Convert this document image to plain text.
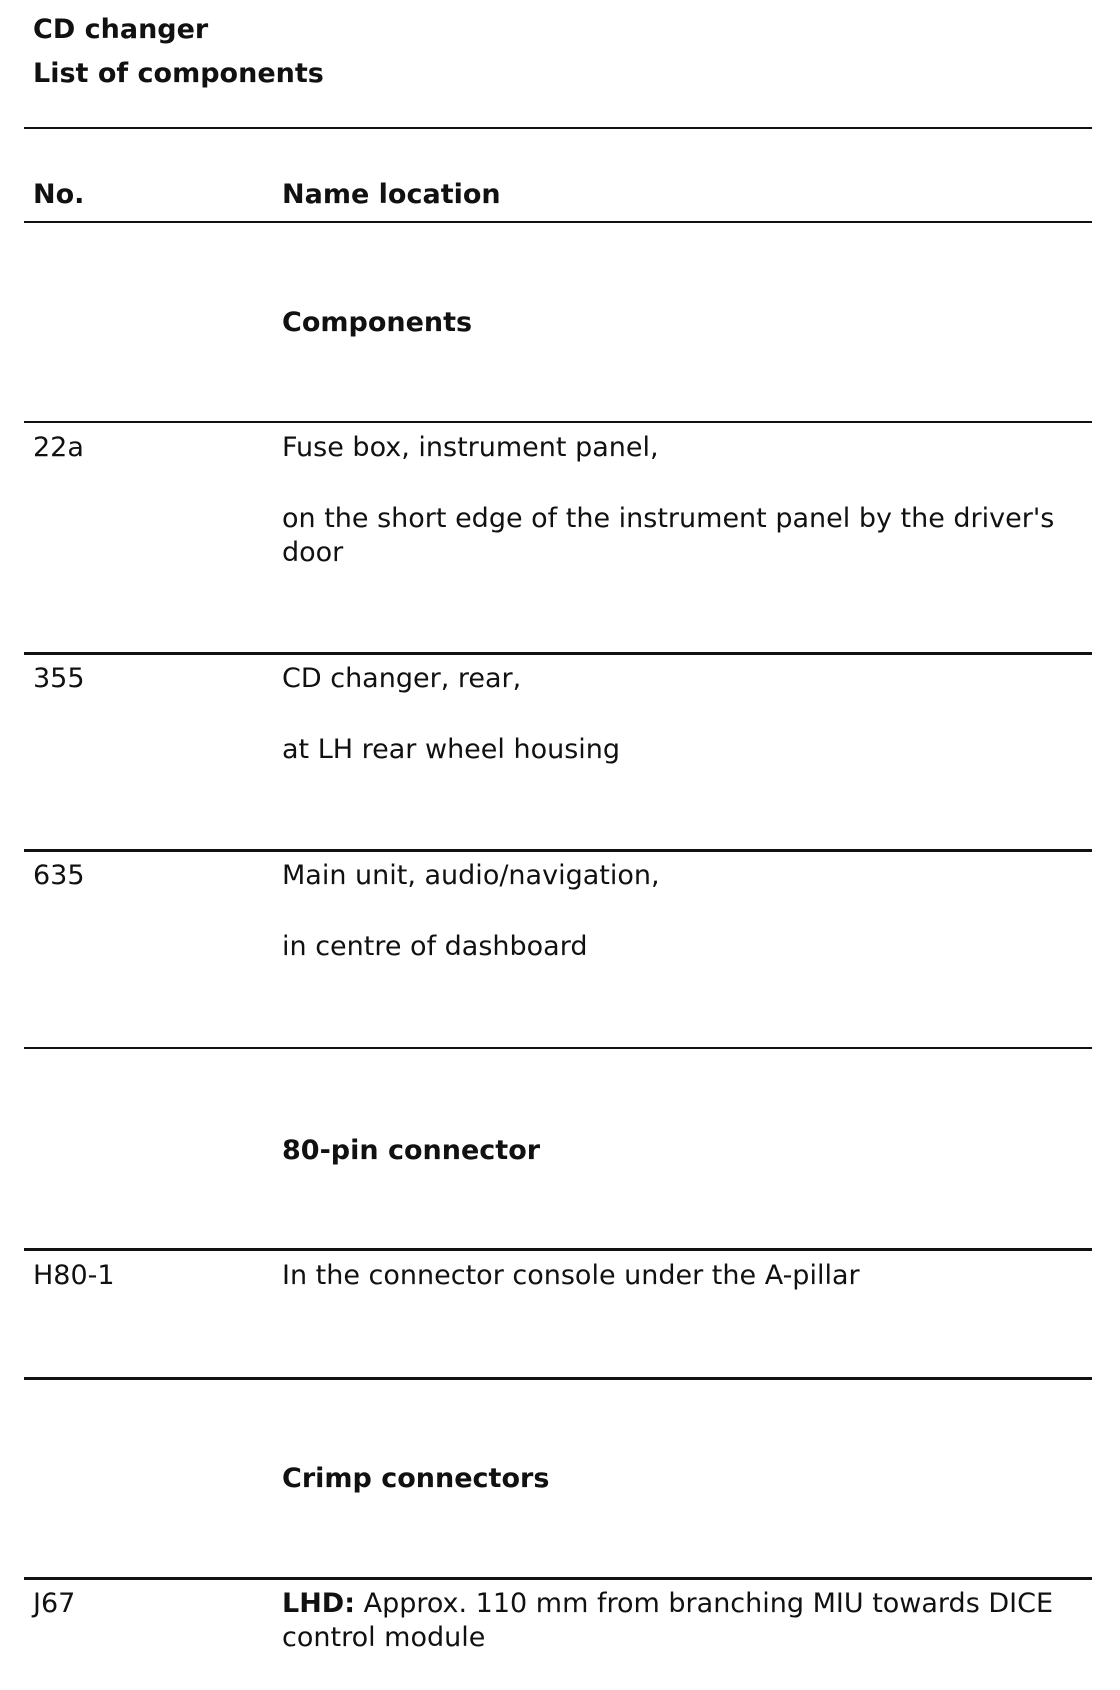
CD changer
List of components
No.	Name location
Components
22a	Fuse box, instrument panel,
on the short edge of the instrument panel by the driver's door
355	CD changer, rear,
at LH rear wheel housing
635	Main unit, audio/navigation,
in centre of dashboard
80-pin connector
H80-1	In the connector console under the A-pillar
Crimp connectors
J67	LHD: Approx. 110 mm from branching MIU towards DICE control module
